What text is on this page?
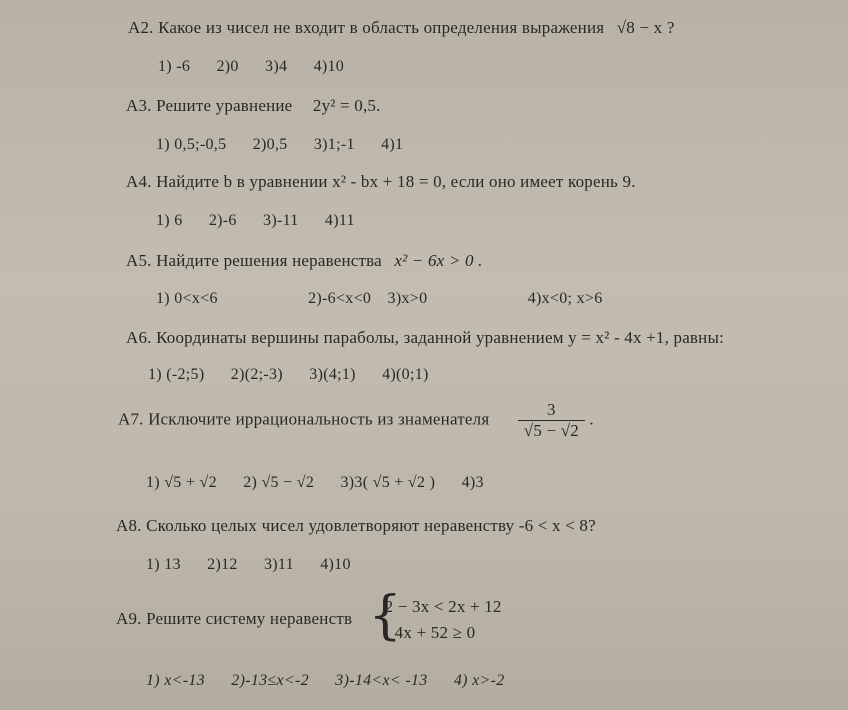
A2. Какое из чисел не входит в область определения выражения √8 − x ?
1) -6 2)0 3)4 4)10
A3. Решите уравнение 2y² = 0,5.
1) 0,5;-0,5 2)0,5 3)1;-1 4)1
A4. Найдите b в уравнении x² - bx + 18 = 0, если оно имеет корень 9.
1) 6 2)-6 3)-11 4)11
A5. Найдите решения неравенства x² − 6x > 0 .
1) 0<x<6	2)-6<x<0 3)x>0	4)x<0; x>6
A6. Координаты вершины параболы, заданной уравнением y = x² - 4x +1, равны:
1) (-2;5) 2)(2;-3) 3)(4;1) 4)(0;1)
A7. Исключите иррациональность из знаменателя $\frac{3}{√5 - √2}$ .
1) √5 + √2 2) √5 − √2 3)3( √5 + √2 ) 4)3
A8. Сколько целых чисел удовлетворяют неравенству -6 < x < 8?
1) 13 2)12 3)11 4)10
A9. Решите систему неравенств {
2 − 3x < 2x + 12
4x + 52 ≥ 0
1) x<-13 2)-13≤x<-2 3)-14<x< -13 4) x>-2
